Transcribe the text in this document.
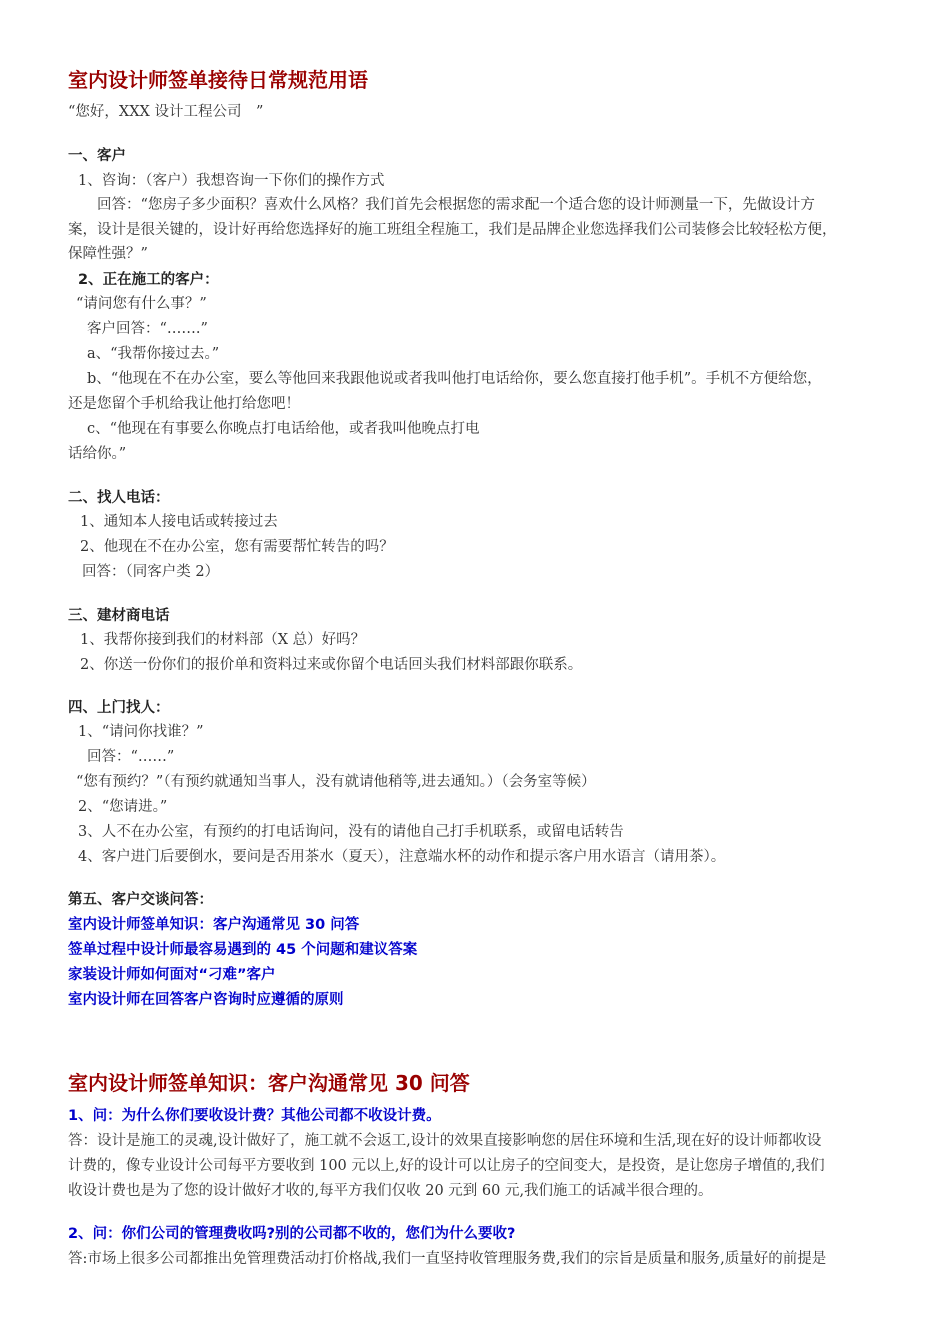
室内设计师签单接待日常规范用语
“您好，XXX 设计工程公司　”
一、客户
1、咨询：（客户）我想咨询一下你们的操作方式
回答：“您房子多少面积？喜欢什么风格？我们首先会根据您的需求配一个适合您的设计师测量一下，先做设计方
案，设计是很关键的，设计好再给您选择好的施工班组全程施工，我们是品牌企业您选择我们公司装修会比较轻松方便，
保障性强？”
2、正在施工的客户：
“请问您有什么事？”
客户回答：“…….”
a、“我帮你接过去。”
b、“他现在不在办公室，要么等他回来我跟他说或者我叫他打电话给你，要么您直接打他手机”。手机不方便给您，
还是您留个手机给我让他打给您吧！
c、“他现在有事要么你晚点打电话给他，或者我叫他晚点打电
话给你。”
二、找人电话：
1、通知本人接电话或转接过去
2、他现在不在办公室，您有需要帮忙转告的吗？
回答：（同客户类 2）
三、建材商电话
1、我帮你接到我们的材料部（X 总）好吗？
2、你送一份你们的报价单和资料过来或你留个电话回头我们材料部跟你联系。
四、上门找人：
1、“请问你找谁？”
回答：“……”
“您有预约？”（有预约就通知当事人，没有就请他稍等,进去通知。）（会务室等候）
2、“您请进。”
3、人不在办公室，有预约的打电话询问，没有的请他自己打手机联系，或留电话转告
4、客户进门后要倒水，要问是否用茶水（夏天），注意端水杯的动作和提示客户用水语言（请用茶）。
第五、客户交谈问答：
室内设计师签单知识：客户沟通常见 30 问答
签单过程中设计师最容易遇到的 45 个问题和建议答案
家装设计师如何面对“刁难”客户
室内设计师在回答客户咨询时应遵循的原则
室内设计师签单知识：客户沟通常见 30 问答
1、问：为什么你们要收设计费？其他公司都不收设计费。
答：设计是施工的灵魂,设计做好了，施工就不会返工,设计的效果直接影响您的居住环境和生活,现在好的设计师都收设
计费的，像专业设计公司每平方要收到 100 元以上,好的设计可以让房子的空间变大，是投资，是让您房子增值的,我们
收设计费也是为了您的设计做好才收的,每平方我们仅收 20 元到 60 元,我们施工的话减半很合理的。
2、问：你们公司的管理费收吗?别的公司都不收的，您们为什么要收?
答:市场上很多公司都推出免管理费活动打价格战,我们一直坚持收管理服务费,我们的宗旨是质量和服务,质量好的前提是
